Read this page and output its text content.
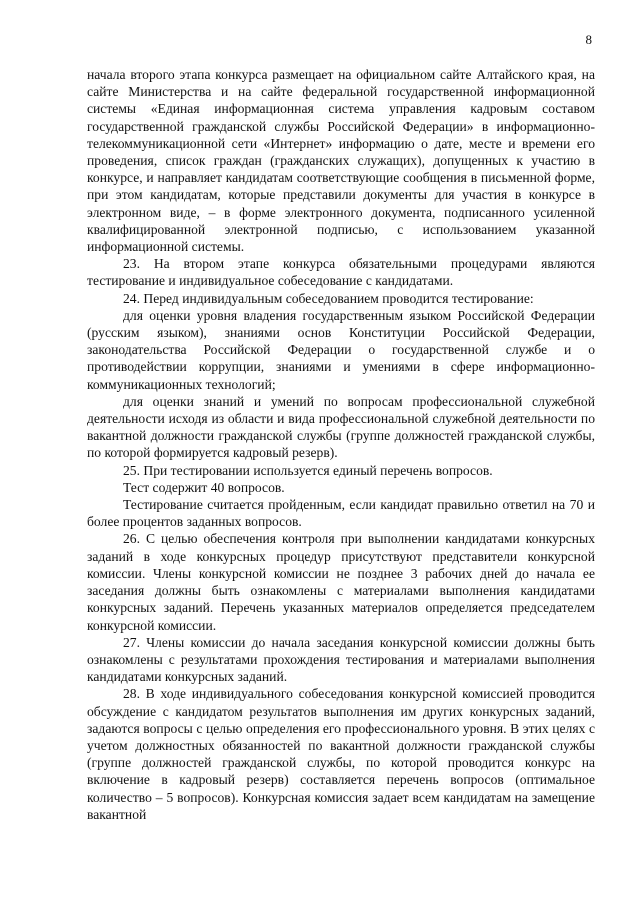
8

начала второго этапа конкурса размещает на официальном сайте Алтайского края, на сайте Министерства и на сайте федеральной государственной информационной системы «Единая информационная система управления кадровым составом государственной гражданской службы Российской Федерации» в информационно-телекоммуникационной сети «Интернет» информацию о дате, месте и времени его проведения, список граждан (гражданских служащих), допущенных к участию в конкурсе, и направляет кандидатам соответствующие сообщения в письменной форме, при этом кандидатам, которые представили документы для участия в конкурсе в электронном виде, – в форме электронного документа, подписанного усиленной квалифицированной электронной подписью, с использованием указанной информационной системы.

23. На втором этапе конкурса обязательными процедурами являются тестирование и индивидуальное собеседование с кандидатами.

24. Перед индивидуальным собеседованием проводится тестирование:

для оценки уровня владения государственным языком Российской Федерации (русским языком), знаниями основ Конституции Российской Федерации, законодательства Российской Федерации о государственной службе и о противодействии коррупции, знаниями и умениями в сфере информационно-коммуникационных технологий;

для оценки знаний и умений по вопросам профессиональной служебной деятельности исходя из области и вида профессиональной служебной деятельности по вакантной должности гражданской службы (группе должностей гражданской службы, по которой формируется кадровый резерв).

25. При тестировании используется единый перечень вопросов.

Тест содержит 40 вопросов.

Тестирование считается пройденным, если кандидат правильно ответил на 70 и более процентов заданных вопросов.

26. С целью обеспечения контроля при выполнении кандидатами конкурсных заданий в ходе конкурсных процедур присутствуют представители конкурсной комиссии. Члены конкурсной комиссии не позднее 3 рабочих дней до начала ее заседания должны быть ознакомлены с материалами выполнения кандидатами конкурсных заданий. Перечень указанных материалов определяется председателем конкурсной комиссии.

27. Члены комиссии до начала заседания конкурсной комиссии должны быть ознакомлены с результатами прохождения тестирования и материалами выполнения кандидатами конкурсных заданий.

28. В ходе индивидуального собеседования конкурсной комиссией проводится обсуждение с кандидатом результатов выполнения им других конкурсных заданий, задаются вопросы с целью определения его профессионального уровня. В этих целях с учетом должностных обязанностей по вакантной должности гражданской службы (группе должностей гражданской службы, по которой проводится конкурс на включение в кадровый резерв) составляется перечень вопросов (оптимальное количество – 5 вопросов). Конкурсная комиссия задает всем кандидатам на замещение вакантной
